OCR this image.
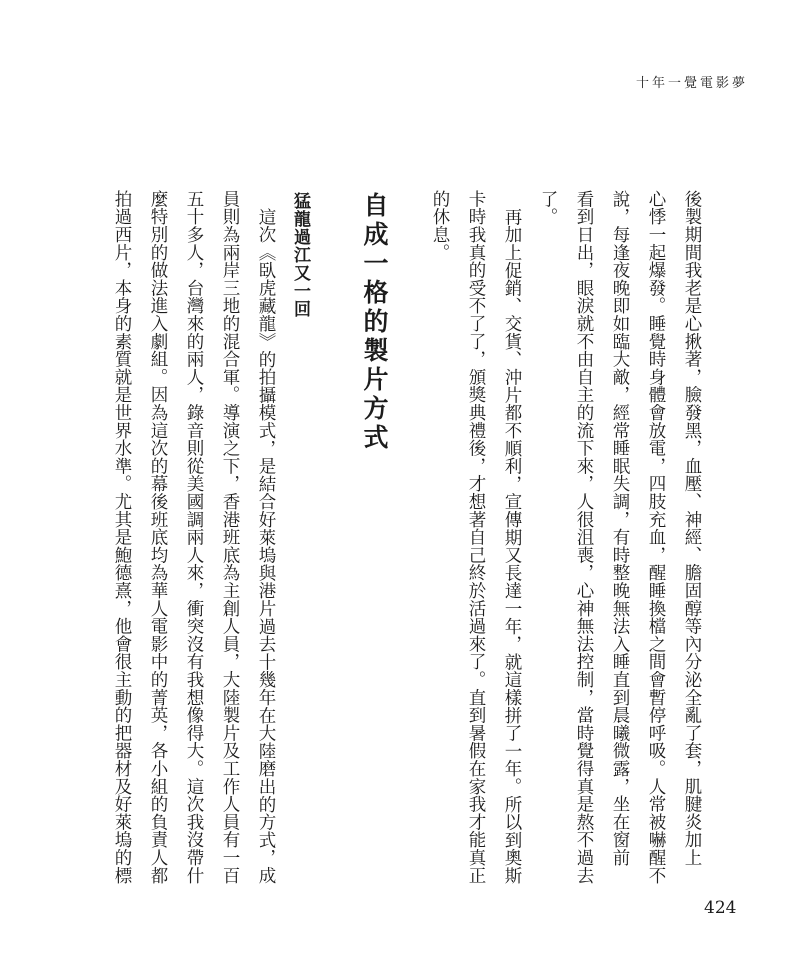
十年一覺電影夢

後製期間我老是心揪著，臉發黑，血壓、神經、膽固醇等內分泌全亂了套，肌腱炎加上

心悸一起爆發。睡覺時身體會放電，四肢充血，醒睡換檔之間會暫停呼吸。人常被嚇醒不

說，每逢夜晚即如臨大敵，經常睡眠失調，有時整晚無法入睡直到晨曦微露，坐在窗前

看到日出，眼淚就不由自主的流下來，人很沮喪，心神無法控制，當時覺得真是熬不過去

了。

再加上促銷、交貨、沖片都不順利，宣傳期又長達一年，就這樣拼了一年。所以到奧斯

卡時我真的受不了了，頒獎典禮後，才想著自己終於活過來了。直到暑假在家我才能真正

的休息。

自成一格的製片方式
猛龍過江又一回

這次《臥虎藏龍》的拍攝模式，是結合好萊塢與港片過去十幾年在大陸磨出的方式，成

員則為兩岸三地的混合軍。導演之下，香港班底為主創人員，大陸製片及工作人員有一百

五十多人，台灣來的兩人，錄音則從美國調兩人來，衝突沒有我想像得大。這次我沒帶什

麼特別的做法進入劇組。因為這次的幕後班底均為華人電影中的菁英，各小組的負責人都

拍過西片，本身的素質就是世界水準。尤其是鮑德熹，他會很主動的把器材及好萊塢的標

424
